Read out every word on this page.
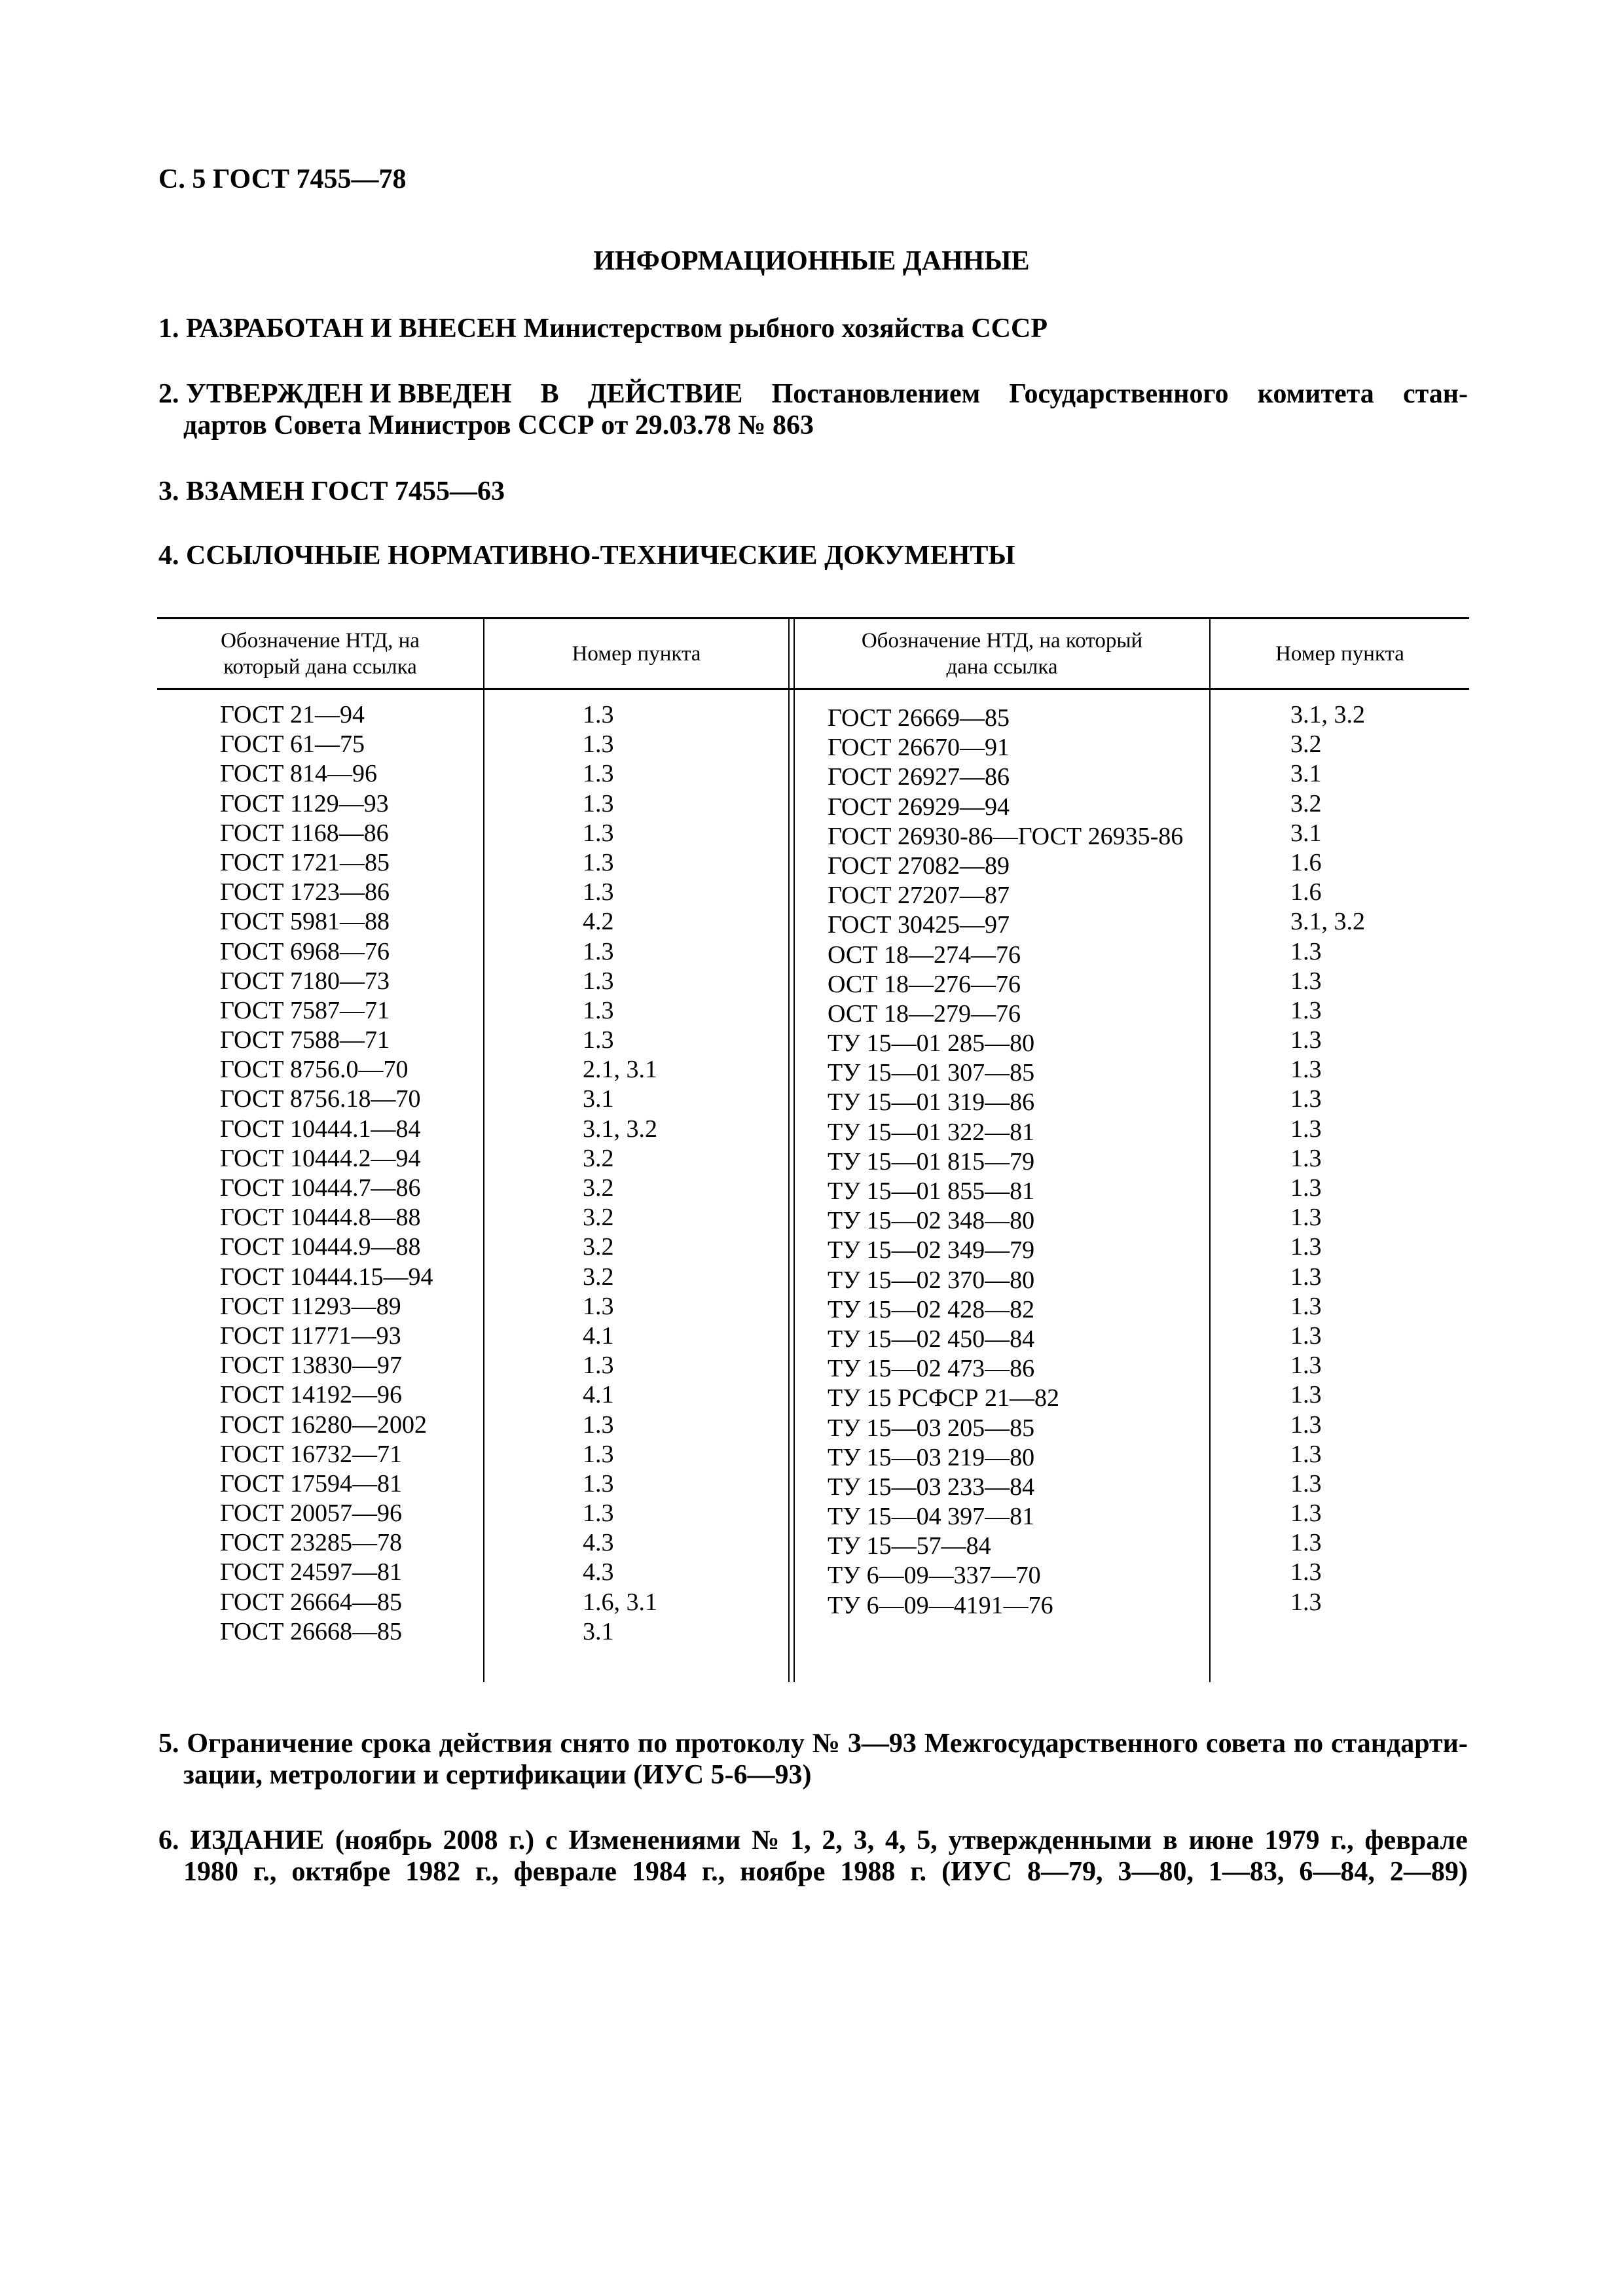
С. 5 ГОСТ 7455—78
ИНФОРМАЦИОННЫЕ ДАННЫЕ
1. РАЗРАБОТАН И ВНЕСЕН Министерством рыбного хозяйства СССР
2. УТВЕРЖДЕН И ВВЕДЕН В ДЕЙСТВИЕ Постановлением Государственного комитета стан-
дартов Совета Министров СССР от 29.03.78 № 863
3. ВЗАМЕН ГОСТ 7455—63
4. ССЫЛОЧНЫЕ НОРМАТИВНО-ТЕХНИЧЕСКИЕ ДОКУМЕНТЫ
Обозначение НТД, на
который дана ссылка
Номер пункта
Обозначение НТД, на который
дана ссылка
Номер пункта
ГОСТ 21—94
ГОСТ 61—75
ГОСТ 814—96
ГОСТ 1129—93
ГОСТ 1168—86
ГОСТ 1721—85
ГОСТ 1723—86
ГОСТ 5981—88
ГОСТ 6968—76
ГОСТ 7180—73
ГОСТ 7587—71
ГОСТ 7588—71
ГОСТ 8756.0—70
ГОСТ 8756.18—70
ГОСТ 10444.1—84
ГОСТ 10444.2—94
ГОСТ 10444.7—86
ГОСТ 10444.8—88
ГОСТ 10444.9—88
ГОСТ 10444.15—94
ГОСТ 11293—89
ГОСТ 11771—93
ГОСТ 13830—97
ГОСТ 14192—96
ГОСТ 16280—2002
ГОСТ 16732—71
ГОСТ 17594—81
ГОСТ 20057—96
ГОСТ 23285—78
ГОСТ 24597—81
ГОСТ 26664—85
ГОСТ 26668—85
1.3
1.3
1.3
1.3
1.3
1.3
1.3
4.2
1.3
1.3
1.3
1.3
2.1, 3.1
3.1
3.1, 3.2
3.2
3.2
3.2
3.2
3.2
1.3
4.1
1.3
4.1
1.3
1.3
1.3
1.3
4.3
4.3
1.6, 3.1
3.1
ГОСТ 26669—85
ГОСТ 26670—91
ГОСТ 26927—86
ГОСТ 26929—94
ГОСТ 26930-86—ГОСТ 26935-86
ГОСТ 27082—89
ГОСТ 27207—87
ГОСТ 30425—97
ОСТ 18—274—76
ОСТ 18—276—76
ОСТ 18—279—76
ТУ 15—01 285—80
ТУ 15—01 307—85
ТУ 15—01 319—86
ТУ 15—01 322—81
ТУ 15—01 815—79
ТУ 15—01 855—81
ТУ 15—02 348—80
ТУ 15—02 349—79
ТУ 15—02 370—80
ТУ 15—02 428—82
ТУ 15—02 450—84
ТУ 15—02 473—86
ТУ 15 РСФСР 21—82
ТУ 15—03 205—85
ТУ 15—03 219—80
ТУ 15—03 233—84
ТУ 15—04 397—81
ТУ 15—57—84
ТУ 6—09—337—70
ТУ 6—09—4191—76
3.1, 3.2
3.2
3.1
3.2
3.1
1.6
1.6
3.1, 3.2
1.3
1.3
1.3
1.3
1.3
1.3
1.3
1.3
1.3
1.3
1.3
1.3
1.3
1.3
1.3
1.3
1.3
1.3
1.3
1.3
1.3
1.3
1.3
5. Ограничение срока действия снято по протоколу № 3—93 Межгосударственного совета по стандарти-
зации, метрологии и сертификации (ИУС 5-6—93)
6. ИЗДАНИЕ (ноябрь 2008 г.) с Изменениями № 1, 2, 3, 4, 5, утвержденными в июне 1979 г., феврале
1980 г., октябре 1982 г., феврале 1984 г., ноябре 1988 г. (ИУС 8—79, 3—80, 1—83, 6—84, 2—89)
